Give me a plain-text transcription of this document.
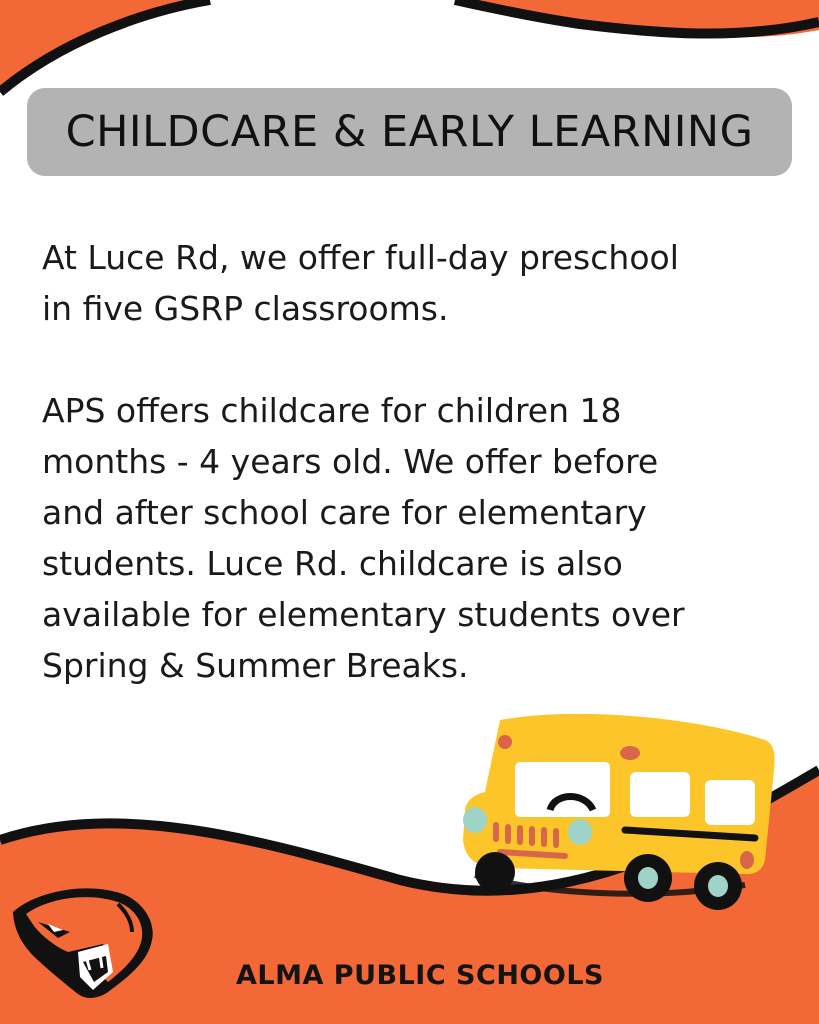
CHILDCARE & EARLY LEARNING

At Luce Rd, we offer full-day preschool
in five GSRP classrooms.

APS offers childcare for children 18
months - 4 years old. We offer before
and after school care for elementary
students. Luce Rd. childcare is also
available for elementary students over
Spring & Summer Breaks.

ALMA PUBLIC SCHOOLS
